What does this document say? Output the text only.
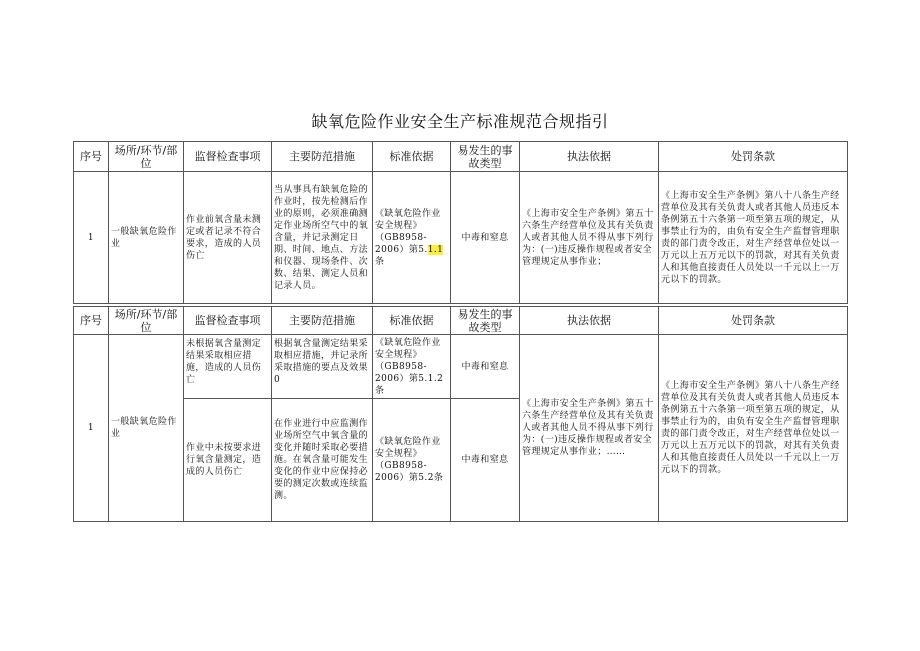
缺氧危险作业安全生产标准规范合规指引
序号	场所/环节/部位	监督检查事项	主要防范措施	标准依据	易发生的事故类型	执法依据	处罚条款
1	一般缺氧危险作业	作业前氧含量未测定或者记录不符合要求，造成的人员伤亡	当从事具有缺氧危险的作业时，按先检测后作业的原则，必须准确测定作业场所空气中的氧含量，并记录测定日期、时间、地点、方法和仪器、现场条件、次数、结果、测定人员和记录人员。	《缺氧危险作业安全规程》（GB8958-2006）第5.1.1条	中毒和窒息	《上海市安全生产条例》第五十六条生产经营单位及其有关负责人或者其他人员不得从事下列行为：(一)违反操作规程或者安全管理规定从事作业；	《上海市安全生产条例》第八十八条生产经营单位及其有关负责人或者其他人员违反本条例第五十六条第一项至第五项的规定，从事禁止行为的，由负有安全生产监督管理职责的部门责令改正，对生产经营单位处以一万元以上五万元以下的罚款，对其有关负责人和其他直接责任人员处以一千元以上一万元以下的罚款。
序号	场所/环节/部位	监督检查事项	主要防范措施	标准依据	易发生的事故类型	执法依据	处罚条款
1	一般缺氧危险作业	未根据氧含量测定结果采取相应措施，造成的人员伤亡	根据氧含量测定结果采取相应措施，并记录所采取措施的要点及效果0	《缺氧危险作业安全规程》（GB8958-2006）第5.1.2条	中毒和窒息	《上海市安全生产条例》第五十六条生产经营单位及其有关负责人或者其他人员不得从事下列行为：(一)违反操作规程或者安全管理规定从事作业；……	《上海市安全生产条例》第八十八条生产经营单位及其有关负责人或者其他人员违反本条例第五十六条第一项至第五项的规定，从事禁止行为的，由负有安全生产监督管理职责的部门责令改正，对生产经营单位处以一万元以上五万元以下的罚款，对其有关负责人和其他直接责任人员处以一千元以上一万元以下的罚款。
		作业中未按要求进行氧含量测定，造成的人员伤亡	在作业进行中应监测作业场所空气中氧含量的变化并随时采取必要措施。在氧含量可能发生变化的作业中应保持必要的测定次数或连续监测。	《缺氧危险作业安全规程》（GB8958-2006）第5.2条	中毒和窒息		
